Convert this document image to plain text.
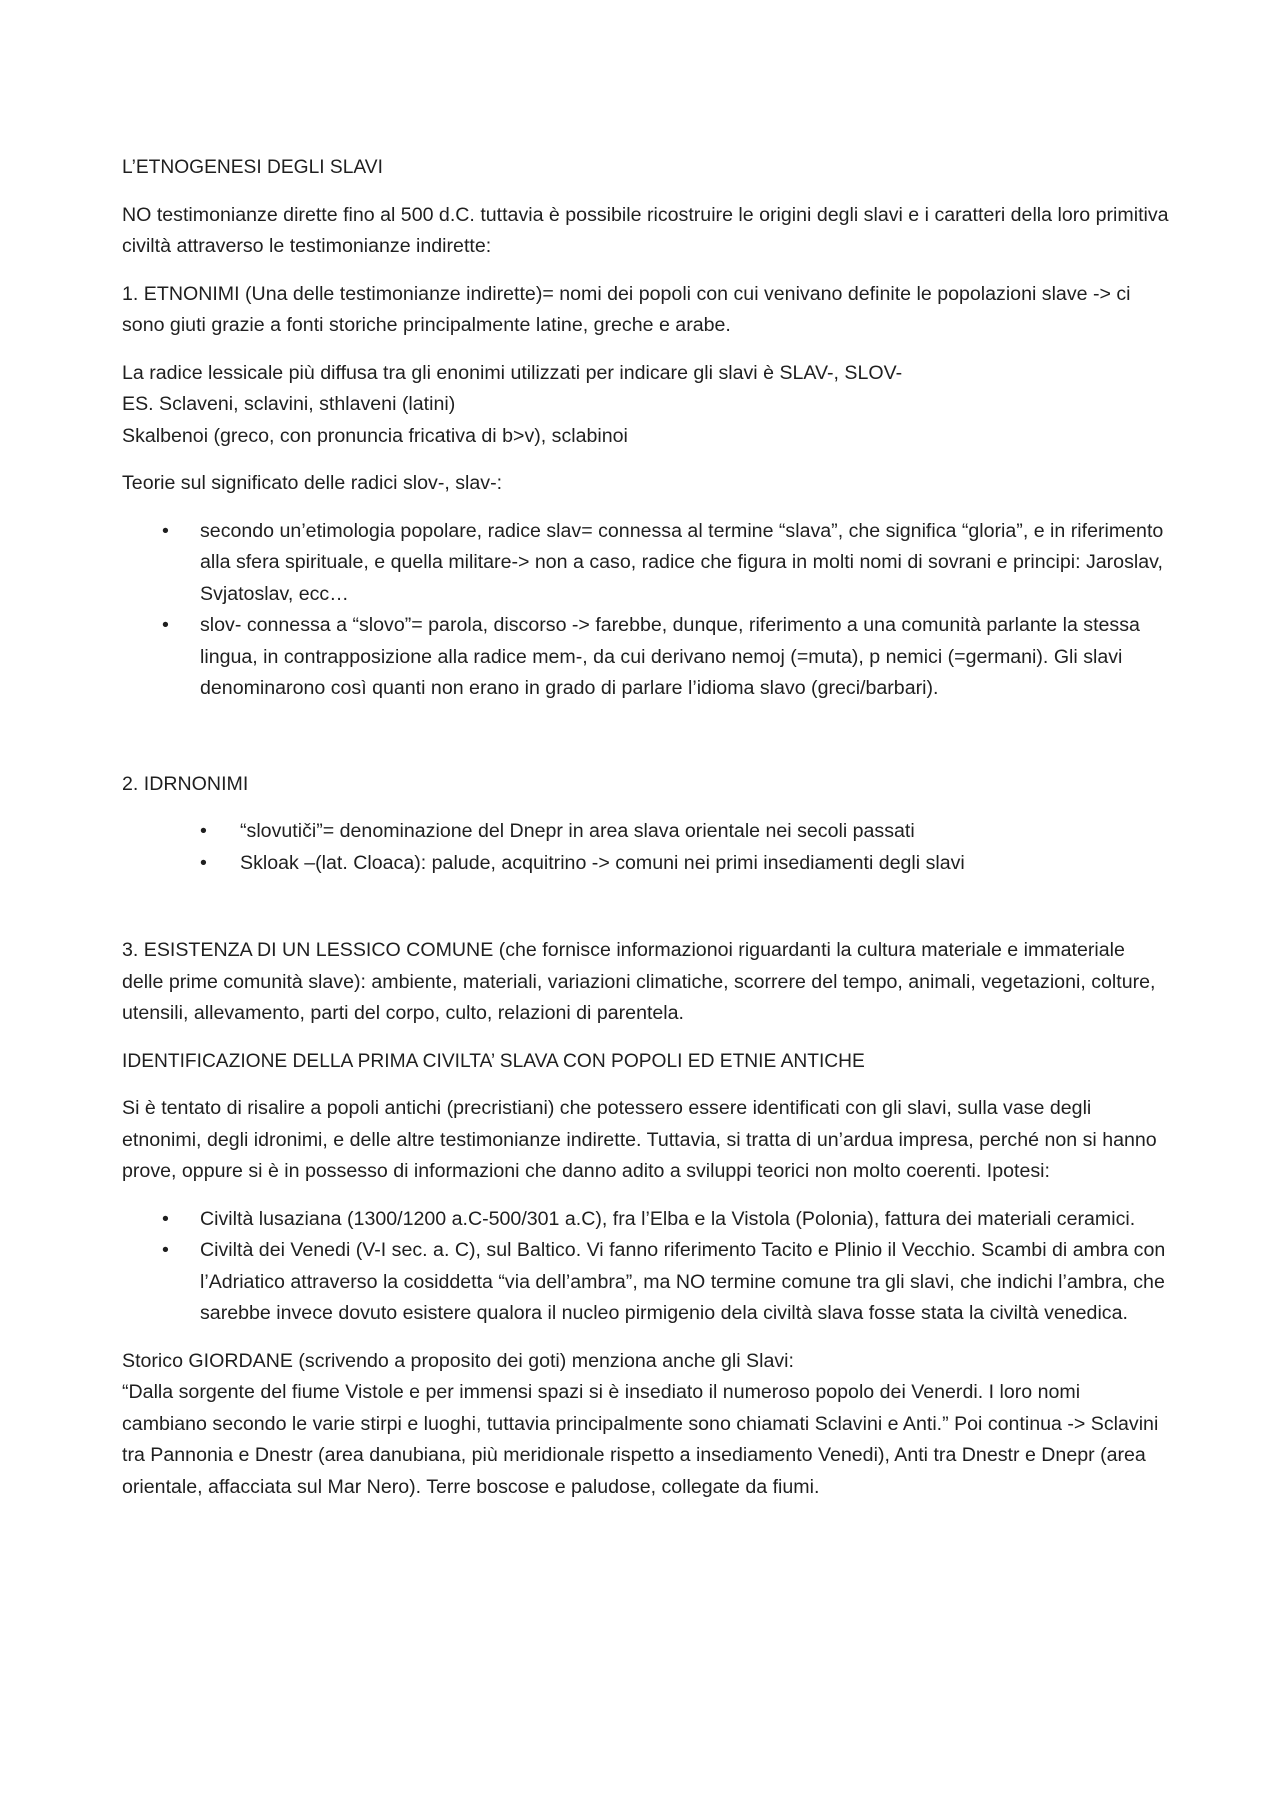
L’ETNOGENESI DEGLI SLAVI

NO testimonianze dirette fino al 500 d.C. tuttavia è possibile ricostruire le origini degli slavi e i caratteri della loro primitiva civiltà attraverso le testimonianze indirette:

1. ETNONIMI (Una delle testimonianze indirette)= nomi dei popoli con cui venivano definite le popolazioni slave -> ci sono giuti grazie a fonti storiche principalmente latine, greche e arabe.

La radice lessicale più diffusa tra gli enonimi utilizzati per indicare gli slavi è SLAV-, SLOV-
ES. Sclaveni, sclavini, sthlaveni (latini)
Skalbenoi (greco, con pronuncia fricativa di b>v), sclabinoi

Teorie sul significato delle radici slov-, slav-:

• secondo un’etimologia popolare, radice slav= connessa al termine “slava”, che significa “gloria”, e in riferimento alla sfera spirituale, e quella militare-> non a caso, radice che figura in molti nomi di sovrani e principi: Jaroslav, Svjatoslav, ecc…
• slov- connessa a “slovo”= parola, discorso -> farebbe, dunque, riferimento a una comunità parlante la stessa lingua, in contrapposizione alla radice mem-, da cui derivano nemoj (=muta), p nemici (=germani). Gli slavi denominarono così quanti non erano in grado di parlare l’idioma slavo (greci/barbari).

2. IDRNONIMI

• “slovutiči”= denominazione del Dnepr in area slava orientale nei secoli passati
• Skloak –(lat. Cloaca): palude, acquitrino -> comuni nei primi insediamenti degli slavi

3. ESISTENZA DI UN LESSICO COMUNE (che fornisce informazionoi riguardanti la cultura materiale e immateriale delle prime comunità slave): ambiente, materiali, variazioni climatiche, scorrere del tempo, animali, vegetazioni, colture, utensili, allevamento, parti del corpo, culto, relazioni di parentela.

IDENTIFICAZIONE DELLA PRIMA CIVILTA’ SLAVA CON POPOLI ED ETNIE ANTICHE

Si è tentato di risalire a popoli antichi (precristiani) che potessero essere identificati con gli slavi, sulla vase degli etnonimi, degli idronimi, e delle altre testimonianze indirette. Tuttavia, si tratta di un’ardua impresa, perché non si hanno prove, oppure si è in possesso di informazioni che danno adito a sviluppi teorici non molto coerenti. Ipotesi:

• Civiltà lusaziana (1300/1200 a.C-500/301 a.C), fra l’Elba e la Vistola (Polonia), fattura dei materiali ceramici.
• Civiltà dei Venedi (V-I sec. a. C), sul Baltico. Vi fanno riferimento Tacito e Plinio il Vecchio. Scambi di ambra con l’Adriatico attraverso la cosiddetta “via dell’ambra”, ma NO termine comune tra gli slavi, che indichi l’ambra, che sarebbe invece dovuto esistere qualora il nucleo pirmigenio dela civiltà slava fosse stata la civiltà venedica.

Storico GIORDANE (scrivendo a proposito dei goti) menziona anche gli Slavi:
“Dalla sorgente del fiume Vistole e per immensi spazi si è insediato il numeroso popolo dei Venerdi. I loro nomi cambiano secondo le varie stirpi e luoghi, tuttavia principalmente sono chiamati Sclavini e Anti.” Poi continua -> Sclavini tra Pannonia e Dnestr (area danubiana, più meridionale rispetto a insediamento Venedi), Anti tra Dnestr e Dnepr (area orientale, affacciata sul Mar Nero). Terre boscose e paludose, collegate da fiumi.
